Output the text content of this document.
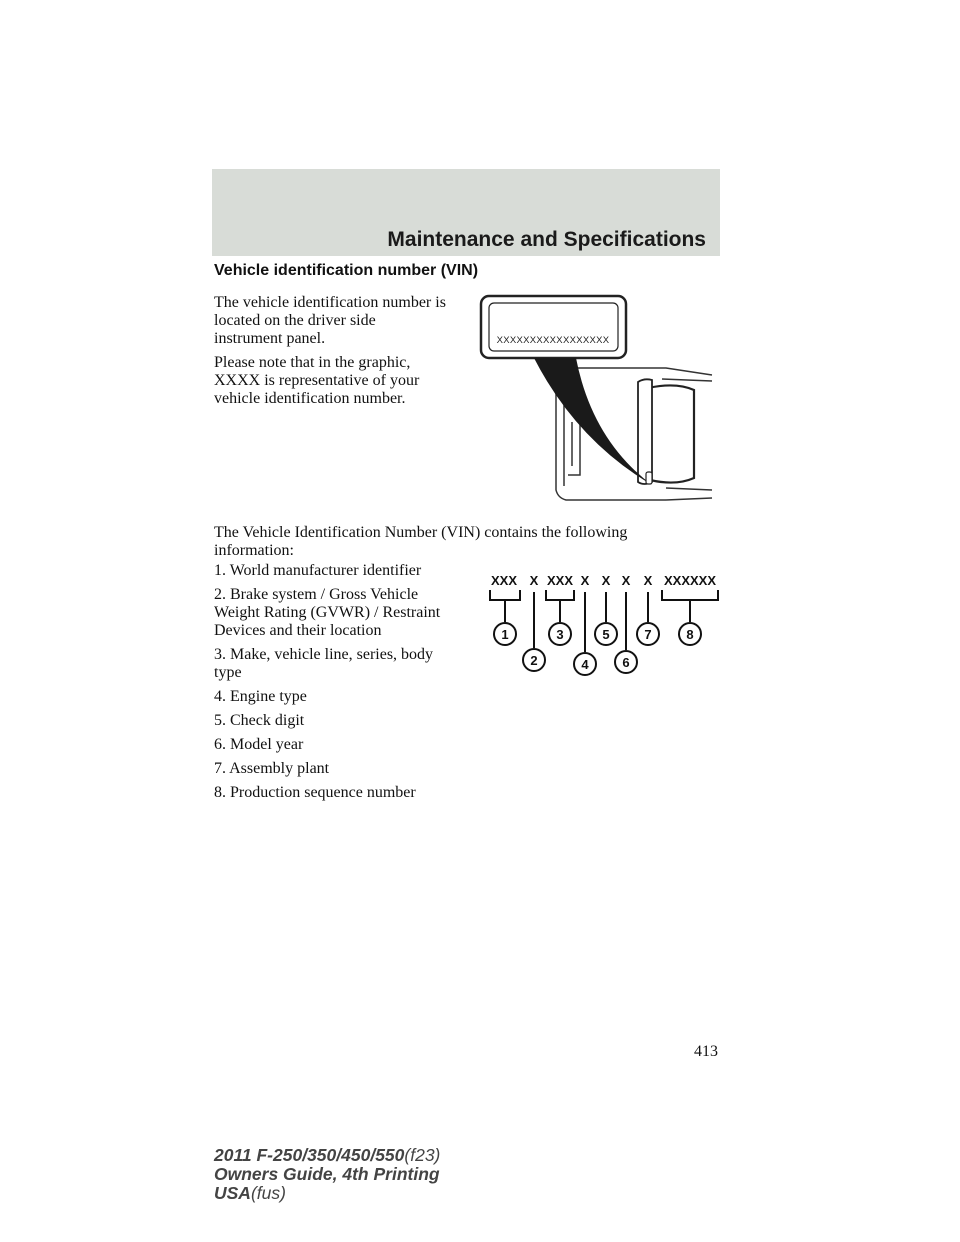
Maintenance and Specifications
Vehicle identification number (VIN)

The vehicle identification number is
located on the driver side
instrument panel.

Please note that in the graphic,
XXXX is representative of your
vehicle identification number.

XXXXXXXXXXXXXXXXX

The Vehicle Identification Number (VIN) contains the following
information:

1. World manufacturer identifier
2. Brake system / Gross Vehicle
Weight Rating (GVWR) / Restraint
Devices and their location
3. Make, vehicle line, series, body
type
4. Engine type
5. Check digit
6. Model year
7. Assembly plant
8. Production sequence number
XXX X XXX X X X X XXXXXX
1
2
3
4
5
6
7	8
413
2011 F-250/350/450/550(f23)
Owners Guide, 4th Printing
USA(fus)
